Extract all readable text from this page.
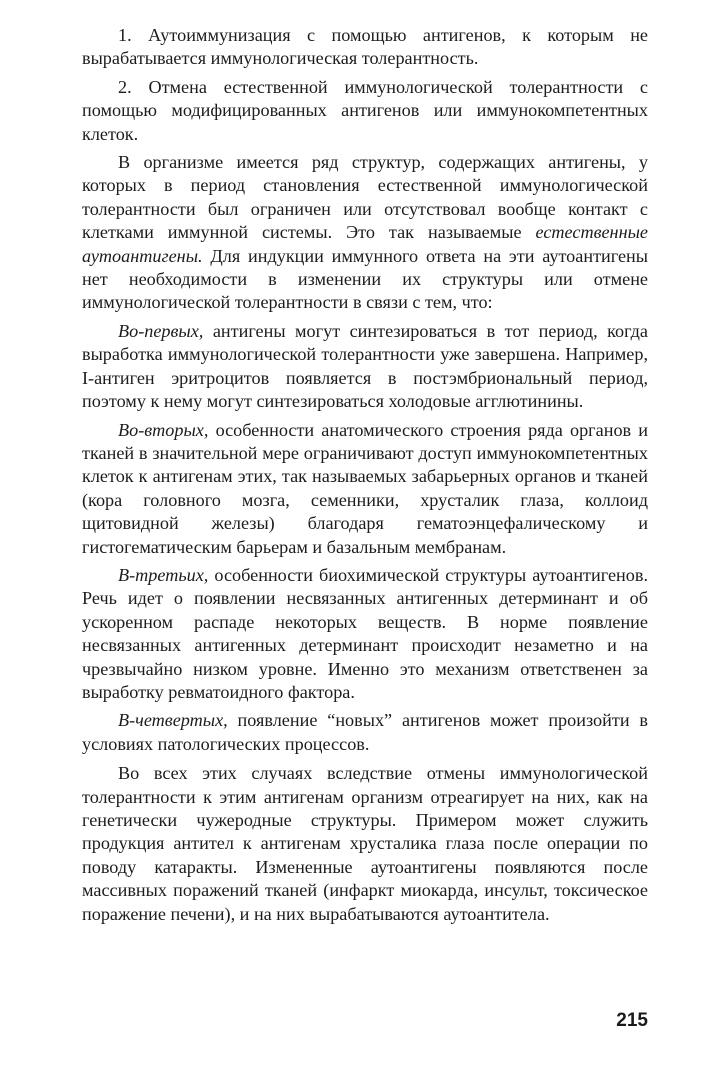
1. Аутоиммунизация с помощью антигенов, к которым не вырабатывается иммунологическая толерантность.

2. Отмена естественной иммунологической толерантности с помощью модифицированных антигенов или иммунокомпетентных клеток.

В организме имеется ряд структур, содержащих антигены, у которых в период становления естественной иммунологической толерантности был ограничен или отсутствовал вообще контакт с клетками иммунной системы. Это так называемые естественные аутоантигены. Для индукции иммунного ответа на эти аутоантигены нет необходимости в изменении их структуры или отмене иммунологической толерантности в связи с тем, что:

Во-первых, антигены могут синтезироваться в тот период, когда выработка иммунологической толерантности уже завершена. Например, I-антиген эритроцитов появляется в постэмбриональный период, поэтому к нему могут синтезироваться холодовые агглютинины.

Во-вторых, особенности анатомического строения ряда органов и тканей в значительной мере ограничивают доступ иммунокомпетентных клеток к антигенам этих, так называемых забарьерных органов и тканей (кора головного мозга, семенники, хрусталик глаза, коллоид щитовидной железы) благодаря гематоэнцефалическому и гистогематическим барьерам и базальным мембранам.

В-третьих, особенности биохимической структуры аутоантигенов. Речь идет о появлении несвязанных антигенных детерминант и об ускоренном распаде некоторых веществ. В норме появление несвязанных антигенных детерминант происходит незаметно и на чрезвычайно низком уровне. Именно это механизм ответственен за выработку ревматоидного фактора.

В-четвертых, появление “новых” антигенов может произойти в условиях патологических процессов.

Во всех этих случаях вследствие отмены иммунологической толерантности к этим антигенам организм отреагирует на них, как на генетически чужеродные структуры. Примером может служить продукция антител к антигенам хрусталика глаза после операции по поводу катаракты. Измененные аутоантигены появляются после массивных поражений тканей (инфаркт миокарда, инсульт, токсическое поражение печени), и на них вырабатываются аутоантитела.

215
